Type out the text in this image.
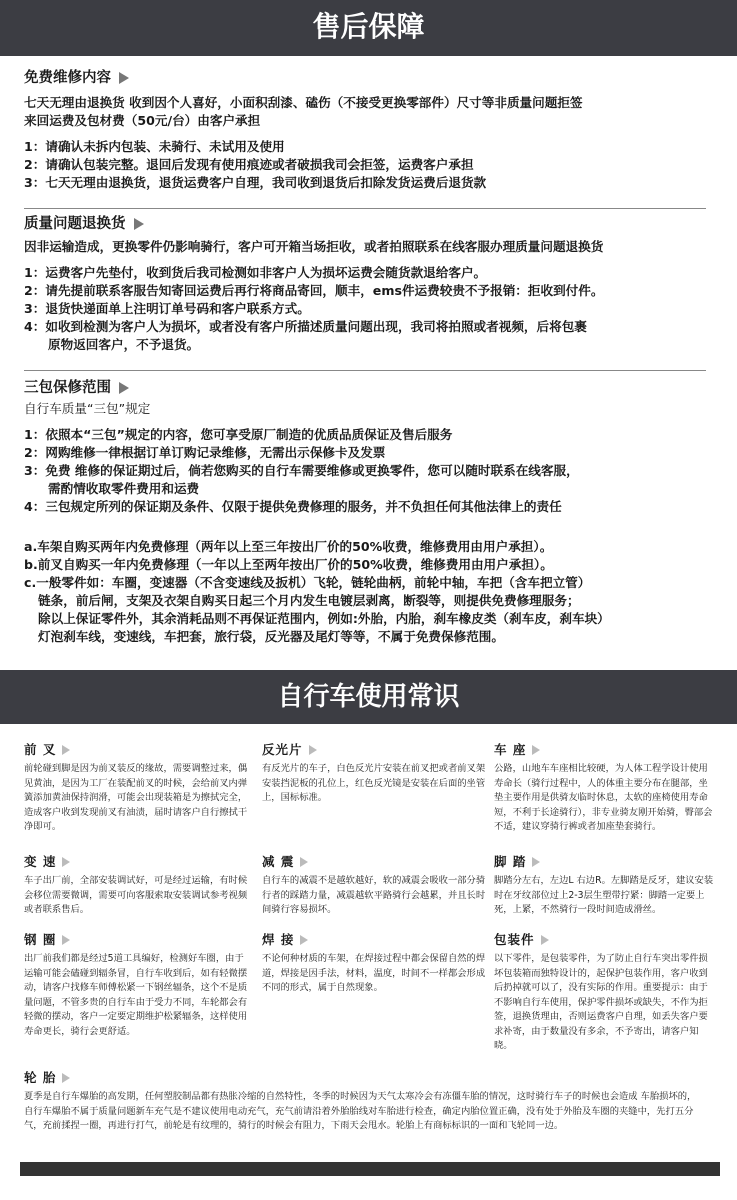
售后保障
免费维修内容
七天无理由退换货 收到因个人喜好，小面积刮漆、磕伤（不接受更换零部件）尺寸等非质量问题拒签
来回运费及包材费（50元/台）由客户承担
1：请确认未拆内包装、未骑行、未试用及使用
2：请确认包装完整。退回后发现有使用痕迹或者破损我司会拒签，运费客户承担
3：七天无理由退换货，退货运费客户自理，我司收到退货后扣除发货运费后退货款
质量问题退换货
因非运输造成，更换零件仍影响骑行，客户可开箱当场拒收，或者拍照联系在线客服办理质量问题退换货
1：运费客户先垫付，收到货后我司检测如非客户人为损坏运费会随货款退给客户。
2：请先提前联系客服告知寄回运费后再行将商品寄回，顺丰，ems件运费较贵不予报销：拒收到付件。
3：退货快递面单上注明订单号码和客户联系方式。
4：如收到检测为客户人为损坏，或者没有客户所描述质量问题出现，我司将拍照或者视频，后将包裹
原物返回客户，不予退货。
三包保修范围
自行车质量“三包”规定
1：依照本“三包”规定的内容，您可享受原厂制造的优质品质保证及售后服务
2：网购维修一律根据订单订购记录维修，无需出示保修卡及发票
3：免费 维修的保证期过后，倘若您购买的自行车需要维修或更换零件，您可以随时联系在线客服，
需酌情收取零件费用和运费
4：三包规定所列的保证期及条件、仅限于提供免费修理的服务，并不负担任何其他法律上的责任
a.车架自购买两年内免费修理（两年以上至三年按出厂价的50%收费，维修费用由用户承担）。
b.前叉自购买一年内免费修理（一年以上至两年按出厂价的50%收费，维修费用由用户承担）。
c.一般零件如：车圈，变速器（不含变速线及扳机）飞轮，链轮曲柄，前轮中轴，车把（含车把立管）
链条，前后闸，支架及衣架自购买日起三个月内发生电镀层剥离，断裂等，则提供免费修理服务；
除以上保证零件外，其余消耗品则不再保证范围内，例如:外胎，内胎，刹车橡皮类（刹车皮，刹车块）
灯泡刹车线，变速线，车把套，旅行袋，反光器及尾灯等等，不属于免费保修范围。
自行车使用常识
前 叉
前轮碰到脚是因为前叉装反的缘故，需要调整过来，偶见黄油，是因为工厂在装配前叉的时候，会给前叉内弹簧添加黄油保持润滑，可能会出现装箱是为擦拭完全，造成客户收到发现前叉有油渍，届时请客户自行擦拭干净即可。
反光片
有反光片的车子，白色反光片安装在前叉把或者前叉架安装挡泥板的孔位上，红色反光镜是安装在后面的坐管上，国标标准。
车 座
公路，山地车车座相比较硬，为人体工程学设计使用寿命长（骑行过程中，人的体重主要分布在腿部，坐垫主要作用是供骑友临时休息，太软的座椅使用寿命短，不利于长途骑行），非专业骑友刚开始骑，臀部会不适，建议穿骑行裤或者加座垫套骑行。
变 速
车子出厂前，全部安装调试好，可是经过运输，有时候会移位需要微调，需要可向客服索取安装调试参考视频或者联系售后。
减 震
自行车的减震不是越软越好，软的减震会吸收一部分骑行者的踩踏力量，减震越软平路骑行会越累，并且长时间骑行容易损坏。
脚 踏
脚踏分左右，左边L 右边R。左脚踏是反牙，建议安装时在牙纹部位过上2-3层生塑带拧紧：脚踏一定要上死，上紧，不然骑行一段时间造成滑丝。
钢 圈
出厂前我们都是经过5道工具编好，检测好车圈，由于运输可能会磕碰到辐条冒，自行车收到后，如有轻微摆动，请客户找修车师傅松紧一下钢丝辐条，这个不是质量问题，不管多贵的自行车由于受力不同，车轮都会有轻微的摆动，客户一定要定期维护松紧辐条，这样使用寿命更长，骑行会更舒适。
焊 接
不论何种材质的车架，在焊接过程中都会保留自然的焊道，焊接是因手法，材料，温度，时间不一样都会形成不同的形式，属于自然现象。
包装件
以下零件，是包装零件，为了防止自行车突出零件损坏包装箱而独特设计的，起保护包装作用，客户收到后扔掉就可以了，没有实际的作用。重要提示：由于不影响自行车使用，保护零件损坏或缺失，不作为拒签，退换货理由，否则运费客户自理，如丢失客户要求补寄，由于数量没有多余，不予寄出，请客户知晓。
轮 胎
夏季是自行车爆胎的高发期，任何塑胶制品都有热胀冷缩的自然特性，冬季的时候因为天气太寒冷会有冻僵车胎的情况，这时骑行车子的时候也会造成 车胎损坏的，自行车爆胎不属于质量问题新车充气是不建议使用电动充气，充气前请沿着外胎胎线对车胎进行检查，确定内胎位置正确，没有处于外胎及车圈的夹缝中，先打五分气，充前揉捏一圈，再进行打气，前轮是有纹理的，骑行的时候会有阻力，下雨天会甩水。轮胎上有商标标识的一面和飞轮同一边。
